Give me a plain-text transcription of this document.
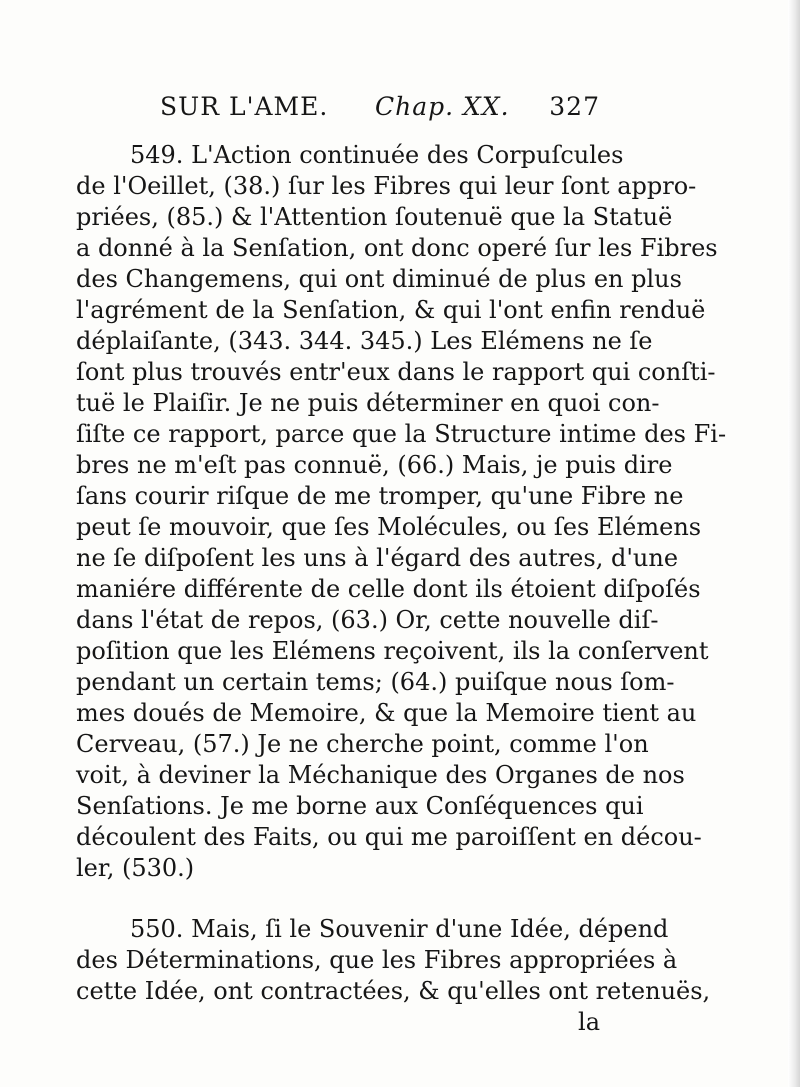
SUR L'AME. Chap. XX. 327
549. L'Action continuée des Corpuſcules
de l'Oeillet, (38.) ſur les Fibres qui leur ſont appro-
priées, (85.) & l'Attention ſoutenuë que la Statuë
a donné à la Senſation, ont donc operé ſur les Fibres
des Changemens, qui ont diminué de plus en plus
l'agrément de la Senſation, & qui l'ont enfin renduë
déplaiſante, (343. 344. 345.) Les Elémens ne ſe
ſont plus trouvés entr'eux dans le rapport qui conſti-
tuë le Plaiſir. Je ne puis déterminer en quoi con-
ſiſte ce rapport, parce que la Structure intime des Fi-
bres ne m'eſt pas connuë, (66.) Mais, je puis dire
ſans courir riſque de me tromper, qu'une Fibre ne
peut ſe mouvoir, que ſes Molécules, ou ſes Elémens
ne ſe diſpoſent les uns à l'égard des autres, d'une
maniére différente de celle dont ils étoient diſpoſés
dans l'état de repos, (63.) Or, cette nouvelle diſ-
poſition que les Elémens reçoivent, ils la conſervent
pendant un certain tems; (64.) puiſque nous ſom-
mes doués de Memoire, & que la Memoire tient au
Cerveau, (57.) Je ne cherche point, comme l'on
voit, à deviner la Méchanique des Organes de nos
Senſations. Je me borne aux Conſéquences qui
découlent des Faits, ou qui me paroiſſent en décou-
ler, (530.)
550. Mais, ſi le Souvenir d'une Idée, dépend
des Déterminations, que les Fibres appropriées à
cette Idée, ont contractées, & qu'elles ont retenuës,
la
